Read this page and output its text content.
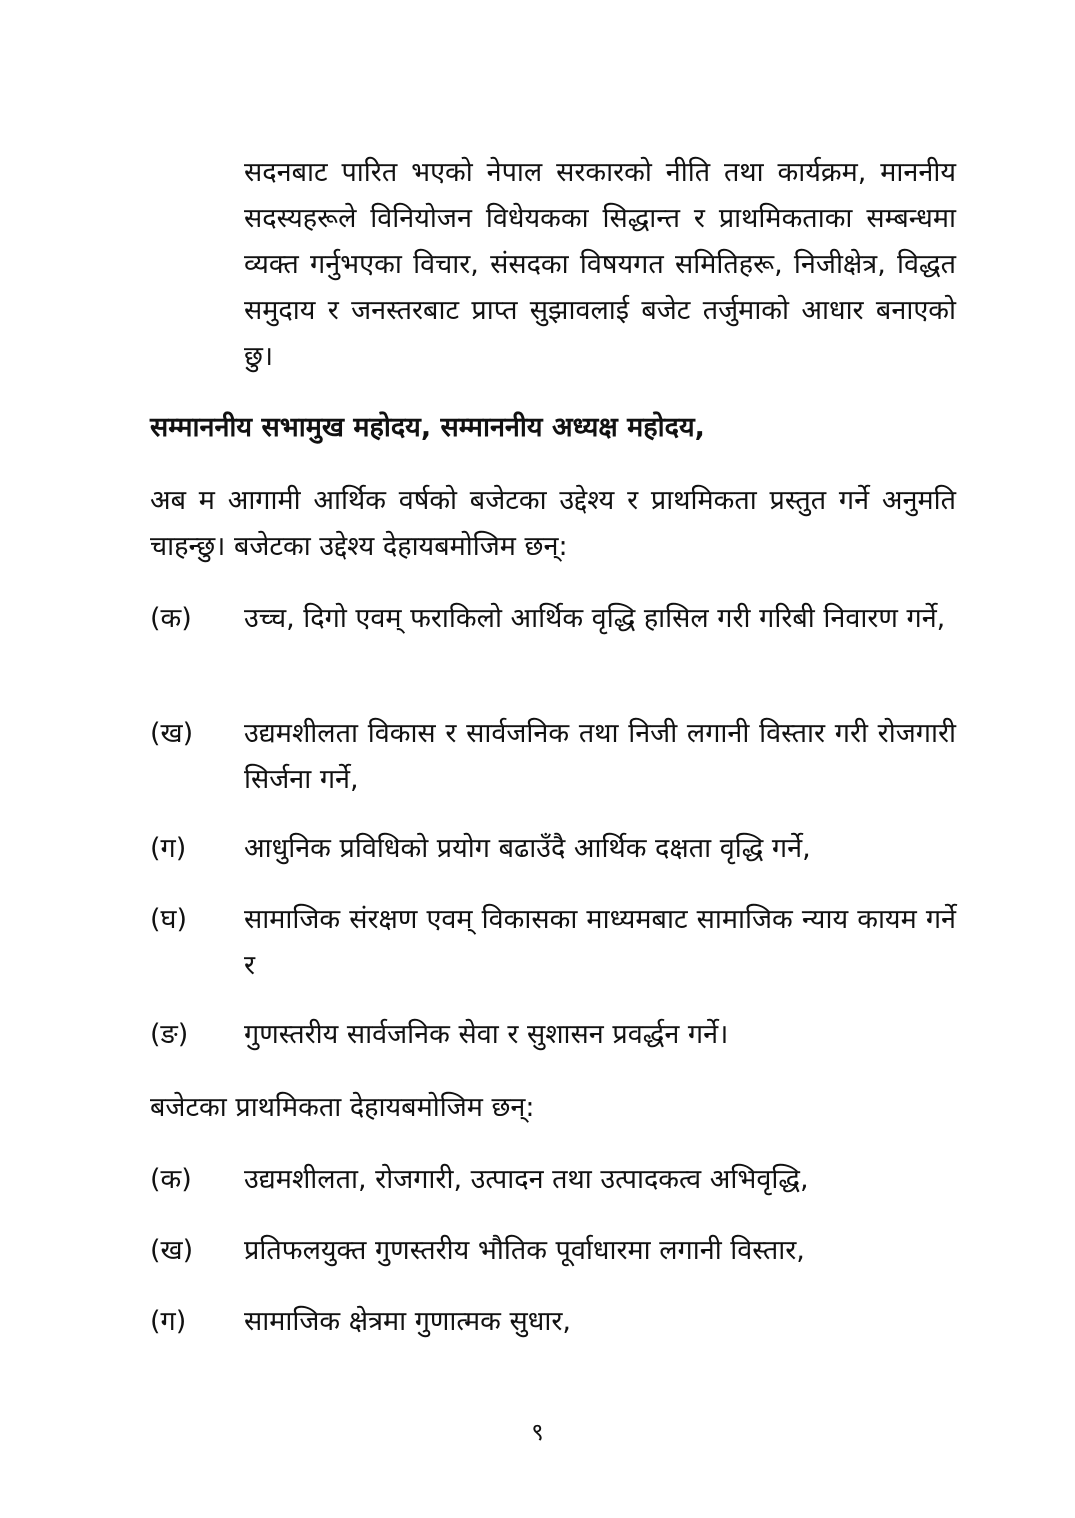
सदनबाट पारित भएको नेपाल सरकारको नीति तथा कार्यक्रम, माननीय सदस्यहरूले विनियोजन विधेयकका सिद्धान्त र प्राथमिकताका सम्बन्धमा व्यक्त गर्नुभएका विचार, संसदका विषयगत समितिहरू, निजीक्षेत्र, विद्धत समुदाय र जनस्तरबाट प्राप्त सुझावलाई बजेट तर्जुमाको आधार बनाएको छु।
सम्माननीय सभामुख महोदय, सम्माननीय अध्यक्ष महोदय,
अब म आगामी आर्थिक वर्षको बजेटका उद्देश्य र प्राथमिकता प्रस्तुत गर्ने अनुमति चाहन्छु। बजेटका उद्देश्य देहायबमोजिम छन्:
(क)	उच्च, दिगो एवम् फराकिलो आर्थिक वृद्धि हासिल गरी गरिबी निवारण गर्ने,
(ख)	उद्यमशीलता विकास र सार्वजनिक तथा निजी लगानी विस्तार गरी रोजगारी सिर्जना गर्ने,
(ग)	आधुनिक प्रविधिको प्रयोग बढाउँदै आर्थिक दक्षता वृद्धि गर्ने,
(घ)	सामाजिक संरक्षण एवम् विकासका माध्यमबाट सामाजिक न्याय कायम गर्ने र
(ङ)	गुणस्तरीय सार्वजनिक सेवा र सुशासन प्रवर्द्धन गर्ने।
बजेटका प्राथमिकता देहायबमोजिम छन्:
(क)	उद्यमशीलता, रोजगारी, उत्पादन तथा उत्पादकत्व अभिवृद्धि,
(ख)	प्रतिफलयुक्त गुणस्तरीय भौतिक पूर्वाधारमा लगानी विस्तार,
(ग)	सामाजिक क्षेत्रमा गुणात्मक सुधार,
९
